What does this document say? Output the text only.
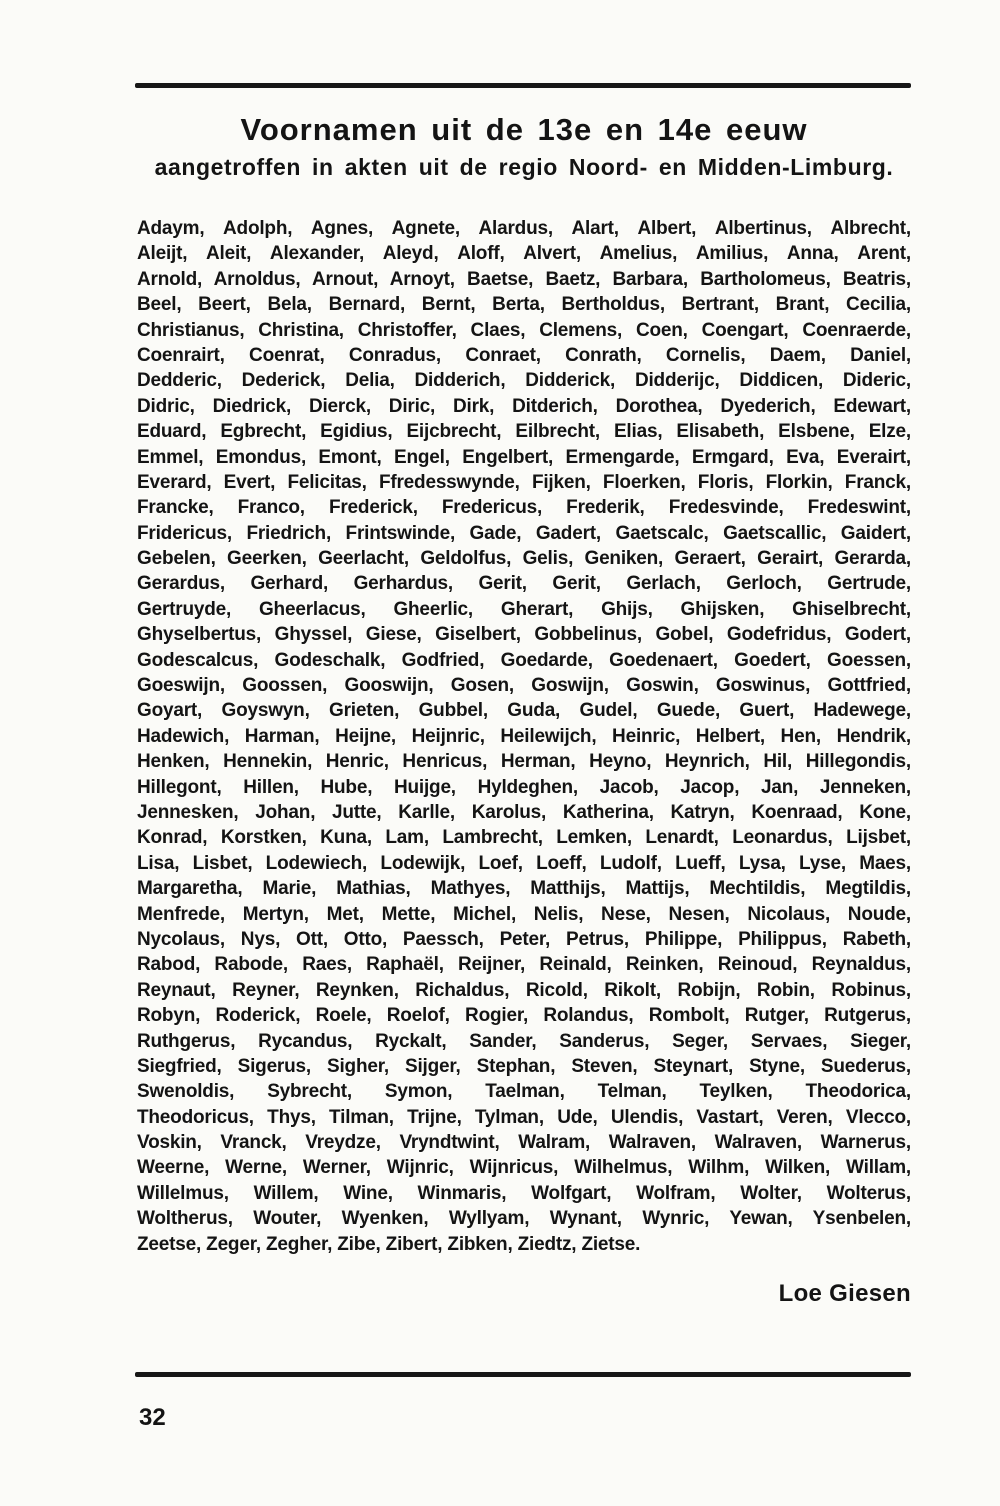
Voornamen uit de 13e en 14e eeuw
aangetroffen in akten uit de regio Noord- en Midden-Limburg.
Adaym, Adolph, Agnes, Agnete, Alardus, Alart, Albert, Albertinus, Albrecht,
Aleijt, Aleit, Alexander, Aleyd, Aloff, Alvert, Amelius, Amilius, Anna, Arent,
Arnold, Arnoldus, Arnout, Arnoyt, Baetse, Baetz, Barbara, Bartholomeus, Beatris,
Beel, Beert, Bela, Bernard, Bernt, Berta, Bertholdus, Bertrant, Brant, Cecilia,
Christianus, Christina, Christoffer, Claes, Clemens, Coen, Coengart, Coenraerde,
Coenrairt, Coenrat, Conradus, Conraet, Conrath, Cornelis, Daem, Daniel,
Dedderic, Dederick, Delia, Didderich, Didderick, Didderijc, Diddicen, Dideric,
Didric, Diedrick, Dierck, Diric, Dirk, Ditderich, Dorothea, Dyederich, Edewart,
Eduard, Egbrecht, Egidius, Eijcbrecht, Eilbrecht, Elias, Elisabeth, Elsbene, Elze,
Emmel, Emondus, Emont, Engel, Engelbert, Ermengarde, Ermgard, Eva, Everairt,
Everard, Evert, Felicitas, Ffredesswynde, Fijken, Floerken, Floris, Florkin, Franck,
Francke, Franco, Frederick, Fredericus, Frederik, Fredesvinde, Fredeswint,
Fridericus, Friedrich, Frintswinde, Gade, Gadert, Gaetscalc, Gaetscallic, Gaidert,
Gebelen, Geerken, Geerlacht, Geldolfus, Gelis, Geniken, Geraert, Gerairt, Gerarda,
Gerardus, Gerhard, Gerhardus, Gerit, Gerit, Gerlach, Gerloch, Gertrude,
Gertruyde, Gheerlacus, Gheerlic, Gherart, Ghijs, Ghijsken, Ghiselbrecht,
Ghyselbertus, Ghyssel, Giese, Giselbert, Gobbelinus, Gobel, Godefridus, Godert,
Godescalcus, Godeschalk, Godfried, Goedarde, Goedenaert, Goedert, Goessen,
Goeswijn, Goossen, Gooswijn, Gosen, Goswijn, Goswin, Goswinus, Gottfried,
Goyart, Goyswyn, Grieten, Gubbel, Guda, Gudel, Guede, Guert, Hadewege,
Hadewich, Harman, Heijne, Heijnric, Heilewijch, Heinric, Helbert, Hen, Hendrik,
Henken, Hennekin, Henric, Henricus, Herman, Heyno, Heynrich, Hil, Hillegondis,
Hillegont, Hillen, Hube, Huijge, Hyldeghen, Jacob, Jacop, Jan, Jenneken,
Jennesken, Johan, Jutte, Karlle, Karolus, Katherina, Katryn, Koenraad, Kone,
Konrad, Korstken, Kuna, Lam, Lambrecht, Lemken, Lenardt, Leonardus, Lijsbet,
Lisa, Lisbet, Lodewiech, Lodewijk, Loef, Loeff, Ludolf, Lueff, Lysa, Lyse, Maes,
Margaretha, Marie, Mathias, Mathyes, Matthijs, Mattijs, Mechtildis, Megtildis,
Menfrede, Mertyn, Met, Mette, Michel, Nelis, Nese, Nesen, Nicolaus, Noude,
Nycolaus, Nys, Ott, Otto, Paessch, Peter, Petrus, Philippe, Philippus, Rabeth,
Rabod, Rabode, Raes, Raphaël, Reijner, Reinald, Reinken, Reinoud, Reynaldus,
Reynaut, Reyner, Reynken, Richaldus, Ricold, Rikolt, Robijn, Robin, Robinus,
Robyn, Roderick, Roele, Roelof, Rogier, Rolandus, Rombolt, Rutger, Rutgerus,
Ruthgerus, Rycandus, Ryckalt, Sander, Sanderus, Seger, Servaes, Sieger,
Siegfried, Sigerus, Sigher, Sijger, Stephan, Steven, Steynart, Styne, Suederus,
Swenoldis, Sybrecht, Symon, Taelman, Telman, Teylken, Theodorica,
Theodoricus, Thys, Tilman, Trijne, Tylman, Ude, Ulendis, Vastart, Veren, Vlecco,
Voskin, Vranck, Vreydze, Vryndtwint, Walram, Walraven, Walraven, Warnerus,
Weerne, Werne, Werner, Wijnric, Wijnricus, Wilhelmus, Wilhm, Wilken, Willam,
Willelmus, Willem, Wine, Winmaris, Wolfgart, Wolfram, Wolter, Wolterus,
Woltherus, Wouter, Wyenken, Wyllyam, Wynant, Wynric, Yewan, Ysenbelen,
Zeetse, Zeger, Zegher, Zibe, Zibert, Zibken, Ziedtz, Zietse.
Loe Giesen
32
